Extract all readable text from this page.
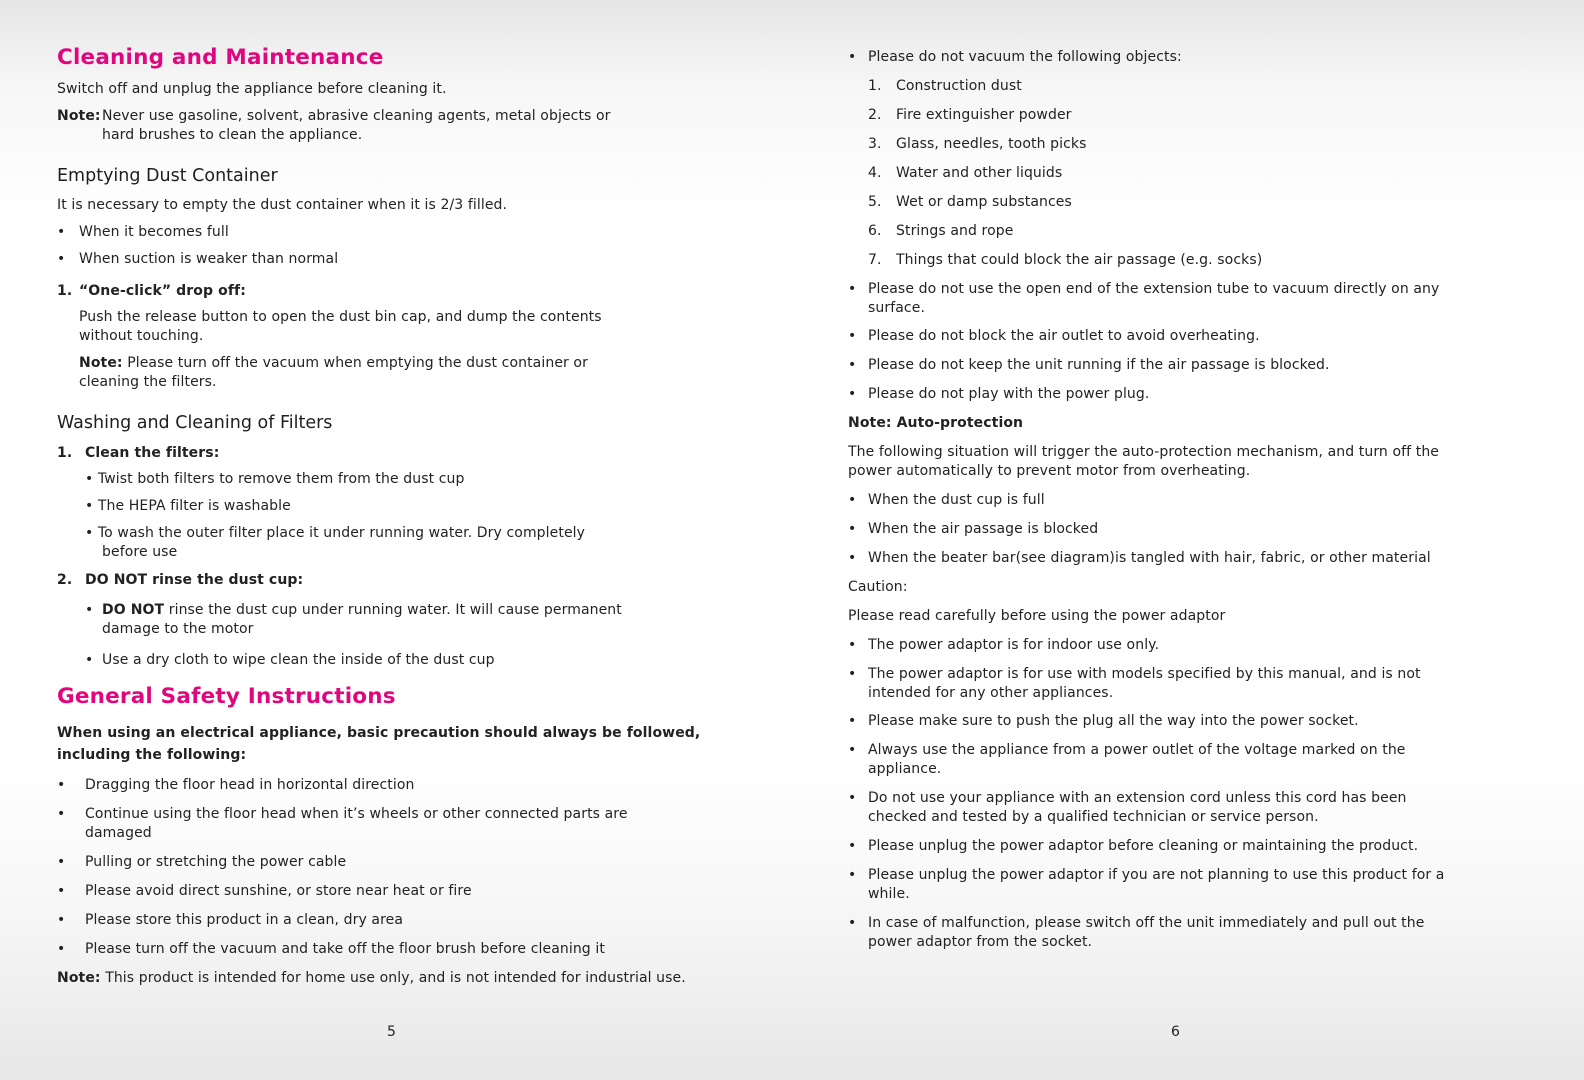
Cleaning and Maintenance
Switch off and unplug the appliance before cleaning it.
Note: Never use gasoline, solvent, abrasive cleaning agents, metal objects or
hard brushes to clean the appliance.
Emptying Dust Container
It is necessary to empty the dust container when it is 2/3 filled.
• When it becomes full
• When suction is weaker than normal
1. “One-click” drop off:
Push the release button to open the dust bin cap, and dump the contents
without touching.
Note: Please turn off the vacuum when emptying the dust container or
cleaning the filters.
Washing and Cleaning of Filters
1. Clean the filters:
• Twist both filters to remove them from the dust cup
• The HEPA filter is washable
• To wash the outer filter place it under running water. Dry completely
before use
2. DO NOT rinse the dust cup:
• DO NOT rinse the dust cup under running water. It will cause permanent
damage to the motor
• Use a dry cloth to wipe clean the inside of the dust cup
General Safety Instructions
When using an electrical appliance, basic precaution should always be followed,
including the following:
• Dragging the floor head in horizontal direction
• Continue using the floor head when it’s wheels or other connected parts are
damaged
• Pulling or stretching the power cable
• Please avoid direct sunshine, or store near heat or fire
• Please store this product in a clean, dry area
• Please turn off the vacuum and take off the floor brush before cleaning it
Note: This product is intended for home use only, and is not intended for industrial use.
5
• Please do not vacuum the following objects:
1. Construction dust
2. Fire extinguisher powder
3. Glass, needles, tooth picks
4. Water and other liquids
5. Wet or damp substances
6. Strings and rope
7. Things that could block the air passage (e.g. socks)
• Please do not use the open end of the extension tube to vacuum directly on any
surface.
• Please do not block the air outlet to avoid overheating.
• Please do not keep the unit running if the air passage is blocked.
• Please do not play with the power plug.
Note: Auto-protection
The following situation will trigger the auto-protection mechanism, and turn off the
power automatically to prevent motor from overheating.
• When the dust cup is full
• When the air passage is blocked
• When the beater bar(see diagram)is tangled with hair, fabric, or other material
Caution:
Please read carefully before using the power adaptor
• The power adaptor is for indoor use only.
• The power adaptor is for use with models specified by this manual, and is not
intended for any other appliances.
• Please make sure to push the plug all the way into the power socket.
• Always use the appliance from a power outlet of the voltage marked on the
appliance.
• Do not use your appliance with an extension cord unless this cord has been
checked and tested by a qualified technician or service person.
• Please unplug the power adaptor before cleaning or maintaining the product.
• Please unplug the power adaptor if you are not planning to use this product for a
while.
• In case of malfunction, please switch off the unit immediately and pull out the
power adaptor from the socket.
6
